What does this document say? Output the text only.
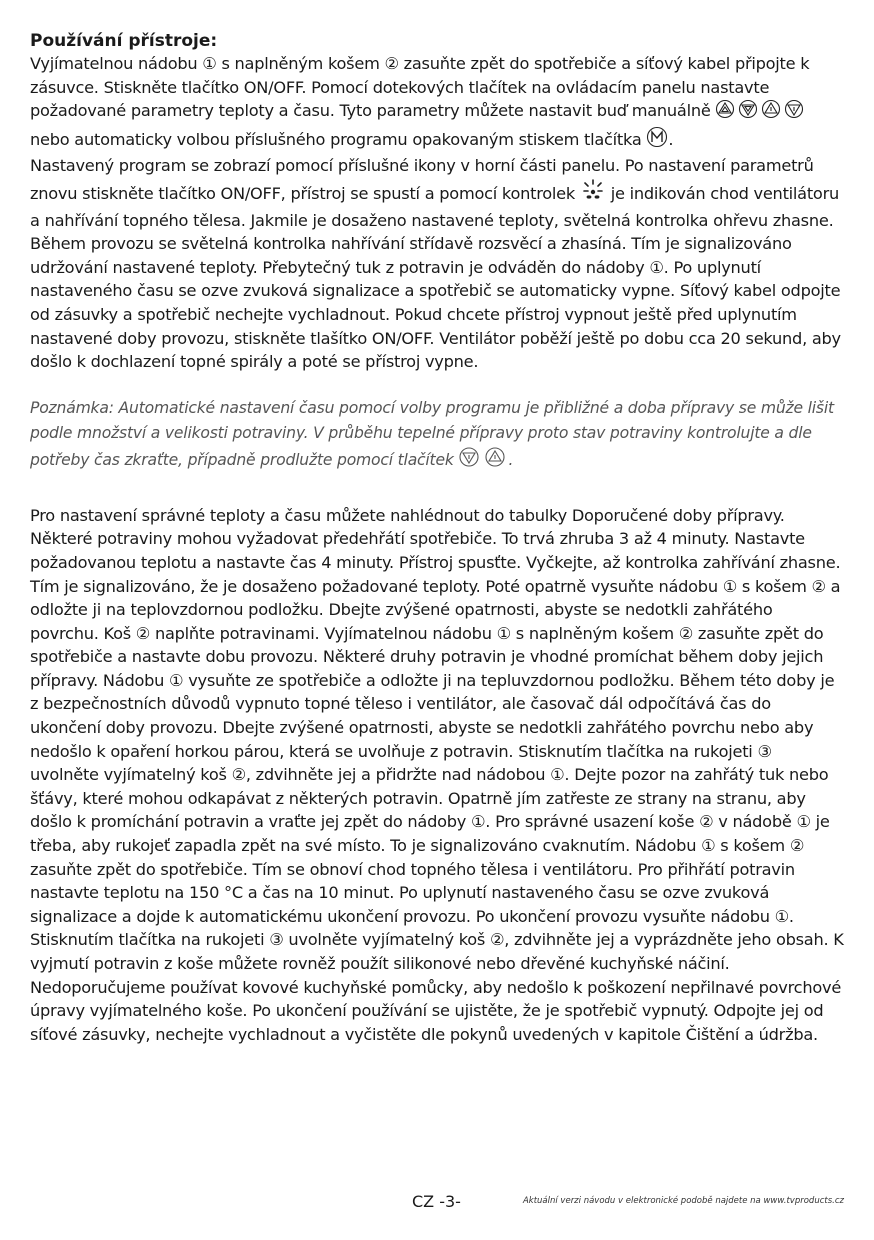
Používání přístroje:

Vyjímatelnou nádobu ① s naplněným košem ② zasuňte zpět do spotřebiče a síťový kabel připojte k zásuvce. Stiskněte tlačítko ON/OFF. Pomocí dotekových tlačítek na ovládacím panelu nastavte požadované parametry teploty a času. Tyto parametry můžete nastavit buď manuálně  nebo automaticky volbou příslušného programu opakovaným stiskem tlačítka .

Nastavený program se zobrazí pomocí příslušné ikony v horní části panelu. Po nastavení parametrů znovu stiskněte tlačítko ON/OFF, přístroj se spustí a pomocí kontrolek  je indikován chod ventilátoru a nahřívání topného tělesa. Jakmile je dosaženo nastavené teploty, světelná kontrolka ohřevu zhasne. Během provozu se světelná kontrolka nahřívání střídavě rozsvěcí a zhasíná. Tím je signalizováno udržování nastavené teploty. Přebytečný tuk z potravin je odváděn do nádoby ①. Po uplynutí nastaveného času se ozve zvuková signalizace a spotřebič se automaticky vypne. Síťový kabel odpojte od zásuvky a spotřebič nechejte vychladnout. Pokud chcete přístroj vypnout ještě před uplynutím nastavené doby provozu, stiskněte tlašítko ON/OFF. Ventilátor poběží ještě po dobu cca 20 sekund, aby došlo k dochlazení topné spirály a poté se přístroj vypne.

Poznámka: Automatické nastavení času pomocí volby programu je přibližné a doba přípravy se může lišit podle množství a velikosti potraviny. V průběhu tepelné přípravy proto stav potraviny kontrolujte a dle potřeby čas zkraťte, případně prodlužte pomocí tlačítek	.

Pro nastavení správné teploty a času můžete nahlédnout do tabulky Doporučené doby přípravy. Některé potraviny mohou vyžadovat předehřátí spotřebiče. To trvá zhruba 3 až 4 minuty. Nastavte požadovanou teplotu a nastavte čas 4 minuty. Přístroj spusťte. Vyčkejte, až kontrolka zahřívání zhasne. Tím je signalizováno, že je dosaženo požadované teploty. Poté opatrně vysuňte nádobu ① s košem ② a odložte ji na teplovzdornou podložku. Dbejte zvýšené opatrnosti, abyste se nedotkli zahřátého povrchu. Koš ② naplňte potravinami. Vyjímatelnou nádobu ① s naplněným košem ② zasuňte zpět do spotřebiče a nastavte dobu provozu. Některé druhy potravin je vhodné promíchat během doby jejich přípravy. Nádobu ① vysuňte ze spotřebiče a odložte ji na tepluvzdornou podložku. Během této doby je z bezpečnostních důvodů vypnuto topné těleso i ventilátor, ale časovač dál odpočítává čas do ukončení doby provozu. Dbejte zvýšené opatrnosti, abyste se nedotkli zahřátého povrchu nebo aby nedošlo k opaření horkou párou, která se uvolňuje z potravin. Stisknutím tlačítka na rukojeti ③ uvolněte vyjímatelný koš ②, zdvihněte jej a přidržte nad nádobou ①. Dejte pozor na zahřátý tuk nebo šťávy, které mohou odkapávat z některých potravin. Opatrně jím zatřeste ze strany na stranu, aby došlo k promíchání potravin a vraťte jej zpět do nádoby ①. Pro správné usazení koše ② v nádobě ① je třeba, aby rukojeť zapadla zpět na své místo. To je signalizováno cvaknutím. Nádobu ① s košem ② zasuňte zpět do spotřebiče. Tím se obnoví chod topného tělesa i ventilátoru. Pro přihřátí potravin nastavte teplotu na 150 °C a čas na 10 minut. Po uplynutí nastaveného času se ozve zvuková signalizace a dojde k automatickému ukončení provozu. Po ukončení provozu vysuňte nádobu ①. Stisknutím tlačítka na rukojeti ③ uvolněte vyjímatelný koš ②, zdvihněte jej a vyprázdněte jeho obsah. K vyjmutí potravin z koše můžete rovněž použít silikonové nebo dřevěné kuchyňské náčiní. Nedoporučujeme používat kovové kuchyňské pomůcky, aby nedošlo k poškození nepřilnavé povrchové úpravy vyjímatelného koše. Po ukončení používání se ujistěte, že je spotřebič vypnutý. Odpojte jej od síťové zásuvky, nechejte vychladnout a vyčistěte dle pokynů uvedených v kapitole Čištění a údržba.

CZ -3-	Aktuální verzi návodu v elektronické podobě najdete na www.tvproducts.cz
